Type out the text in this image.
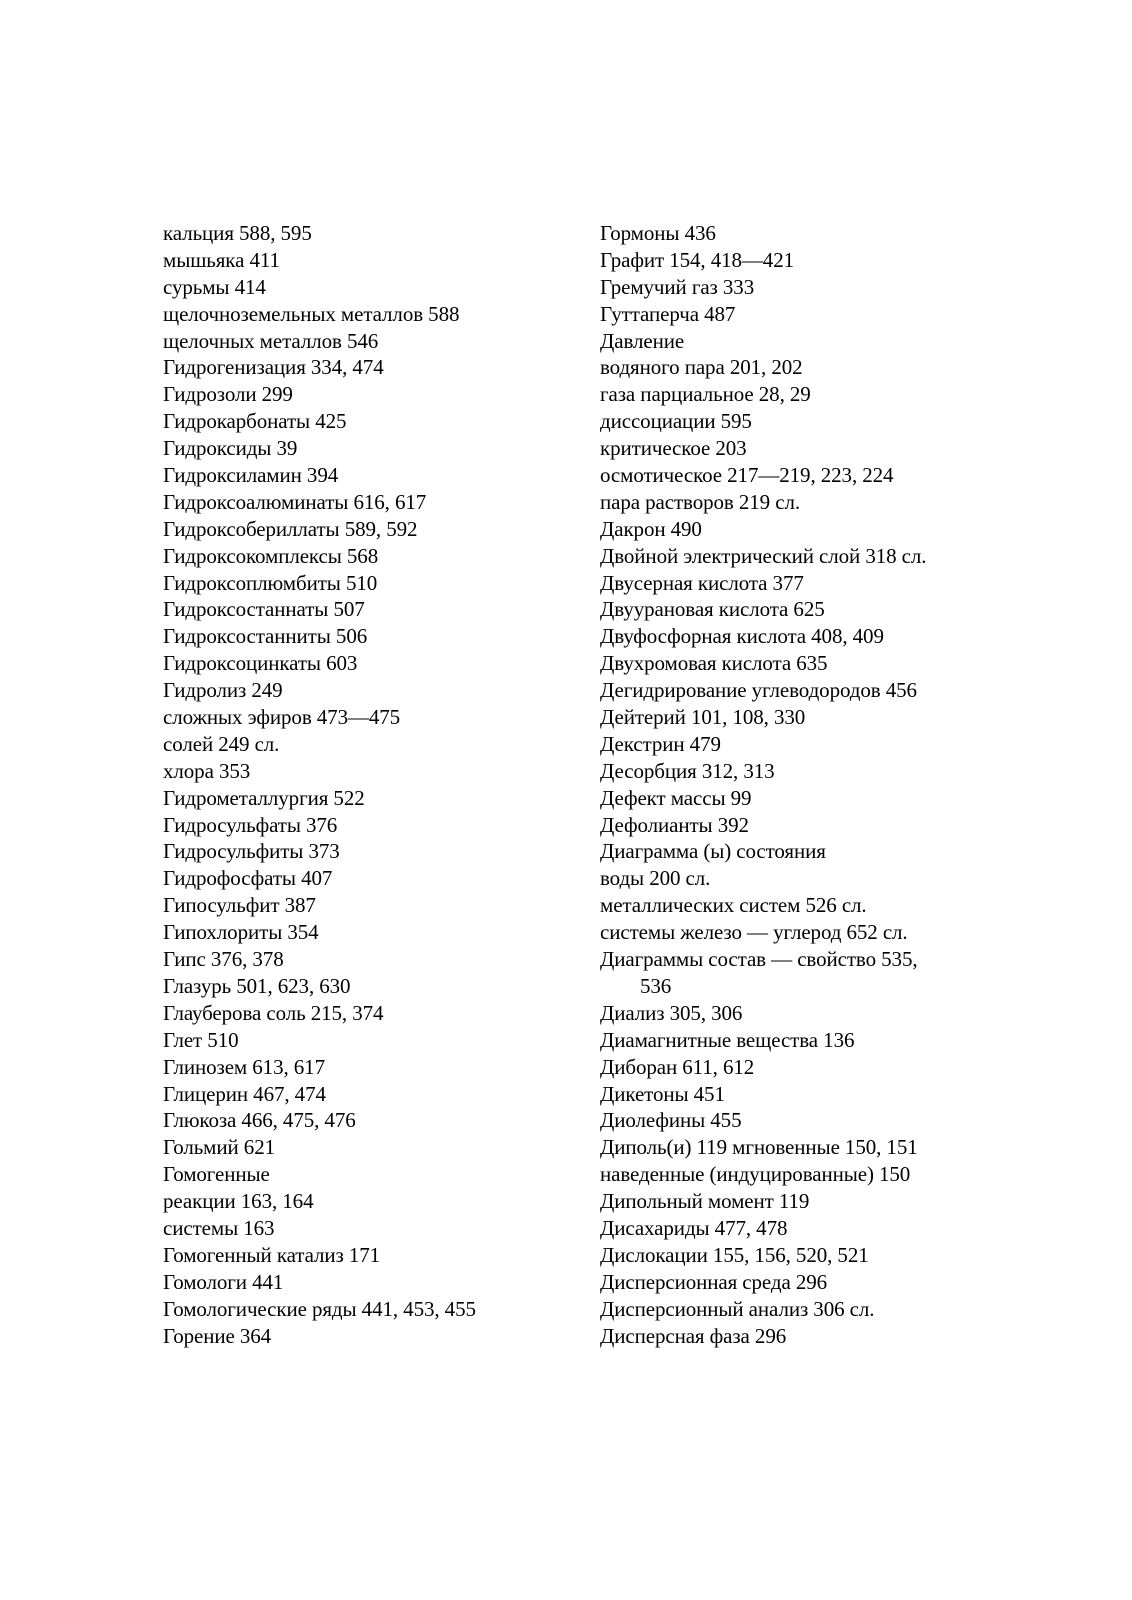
кальция 588, 595
мышьяка 411
сурьмы 414
щелочноземельных металлов 588
щелочных металлов 546
Гидрогенизация 334, 474
Гидрозоли 299
Гидрокарбонаты 425
Гидроксиды 39
Гидроксиламин 394
Гидроксоалюминаты 616, 617
Гидроксобериллаты 589, 592
Гидроксокомплексы 568
Гидроксоплюмбиты 510
Гидроксостаннаты 507
Гидроксостанниты 506
Гидроксоцинкаты 603
Гидролиз 249
сложных эфиров 473—475
солей 249 сл.
хлора 353
Гидрометаллургия 522
Гидросульфаты 376
Гидросульфиты 373
Гидрофосфаты 407
Гипосульфит 387
Гипохлориты 354
Гипс 376, 378
Глазурь 501, 623, 630
Глауберова соль 215, 374
Глет 510
Глинозем 613, 617
Глицерин 467, 474
Глюкоза 466, 475, 476
Гольмий 621
Гомогенные
реакции 163, 164
системы 163
Гомогенный катализ 171
Гомологи 441
Гомологические ряды 441, 453, 455
Горение 364
Гормоны 436
Графит 154, 418—421
Гремучий газ 333
Гуттаперча 487
Давление
водяного пара 201, 202
газа парциальное 28, 29
диссоциации 595
критическое 203
осмотическое 217—219, 223, 224
пара растворов 219 сл.
Дакрон 490
Двойной электрический слой 318 сл.
Двусерная кислота 377
Двуурановая кислота 625
Двуфосфорная кислота 408, 409
Двухромовая кислота 635
Дегидрирование углеводородов 456
Дейтерий 101, 108, 330
Декстрин 479
Десорбция 312, 313
Дефект массы 99
Дефолианты 392
Диаграмма (ы) состояния
воды 200 сл.
металлических систем 526 сл.
системы железо — углерод 652 сл.
Диаграммы состав — свойство 535,
536
Диализ 305, 306
Диамагнитные вещества 136
Диборан 611, 612
Дикетоны 451
Диолефины 455
Диполь(и) 119 мгновенные 150, 151
наведенные (индуцированные) 150
Дипольный момент 119
Дисахариды 477, 478
Дислокации 155, 156, 520, 521
Дисперсионная среда 296
Дисперсионный анализ 306 сл.
Дисперсная фаза 296
